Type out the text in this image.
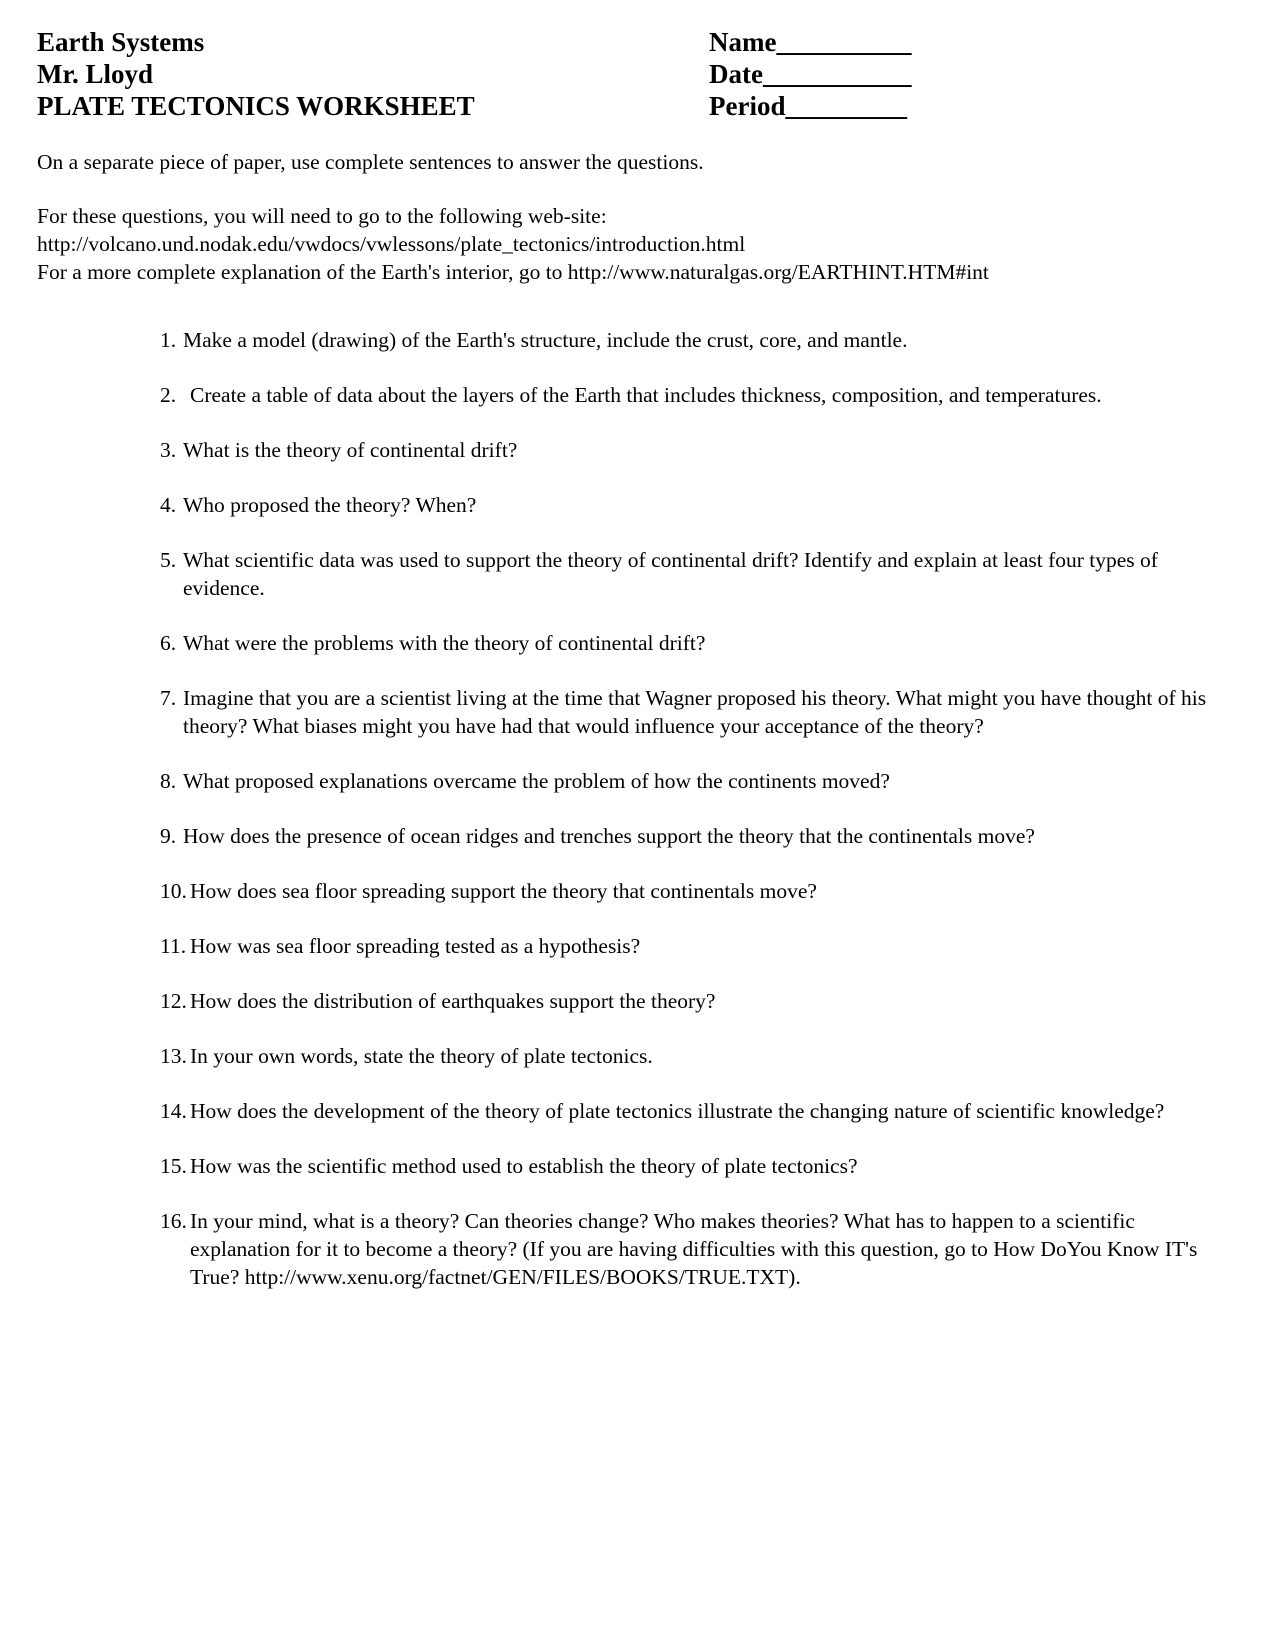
Earth Systems	Name__________
Mr. Lloyd	Date___________
PLATE TECTONICS WORKSHEET	Period_________
On a separate piece of paper, use complete sentences to answer the questions.
For these questions, you will need to go to the following web-site:
http://volcano.und.nodak.edu/vwdocs/vwlessons/plate_tectonics/introduction.html
For a more complete explanation of the Earth's interior, go to http://www.naturalgas.org/EARTHINT.HTM#int
1. Make a model (drawing) of the Earth's structure, include the crust, core, and mantle.
2. Create a table of data about the layers of the Earth that includes thickness, composition, and temperatures.
3. What is the theory of continental drift?
4. Who proposed the theory? When?
5. What scientific data was used to support the theory of continental drift? Identify and explain at least four types of evidence.
6. What were the problems with the theory of continental drift?
7. Imagine that you are a scientist living at the time that Wagner proposed his theory. What might you have thought of his theory? What biases might you have had that would influence your acceptance of the theory?
8. What proposed explanations overcame the problem of how the continents moved?
9. How does the presence of ocean ridges and trenches support the theory that the continentals move?
10. How does sea floor spreading support the theory that continentals move?
11. How was sea floor spreading tested as a hypothesis?
12. How does the distribution of earthquakes support the theory?
13. In your own words, state the theory of plate tectonics.
14. How does the development of the theory of plate tectonics illustrate the changing nature of scientific knowledge?
15. How was the scientific method used to establish the theory of plate tectonics?
16. In your mind, what is a theory? Can theories change? Who makes theories? What has to happen to a scientific explanation for it to become a theory? (If you are having difficulties with this question, go to How DoYou Know IT's True? http://www.xenu.org/factnet/GEN/FILES/BOOKS/TRUE.TXT).
